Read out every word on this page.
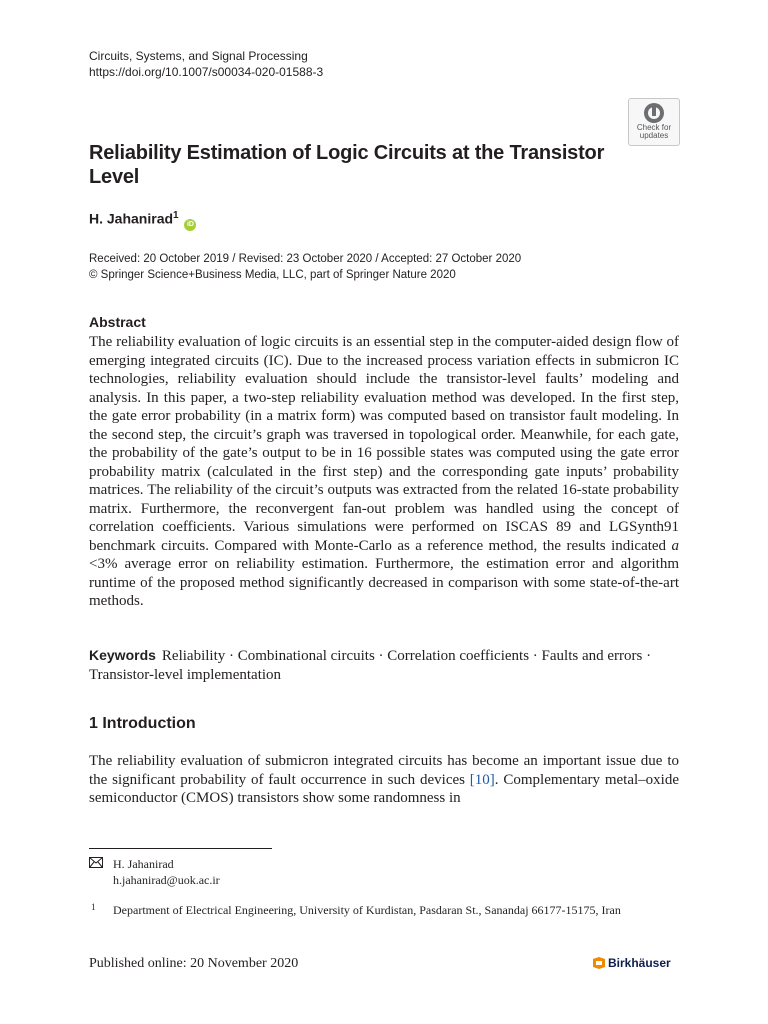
Circuits, Systems, and Signal Processing
https://doi.org/10.1007/s00034-020-01588-3
Check for
updates
Reliability Estimation of Logic Circuits at the Transistor Level
H. Jahanirad$^1$ iD
Received: 20 October 2019 / Revised: 23 October 2020 / Accepted: 27 October 2020
© Springer Science+Business Media, LLC, part of Springer Nature 2020
Abstract
The reliability evaluation of logic circuits is an essential step in the computer-aided design flow of emerging integrated circuits (IC). Due to the increased process variation effects in submicron IC technologies, reliability evaluation should include the transistor-level faults’ modeling and analysis. In this paper, a two-step reliability evaluation method was developed. In the first step, the gate error probability (in a matrix form) was computed based on transistor fault modeling. In the second step, the circuit’s graph was traversed in topological order. Meanwhile, for each gate, the probability of the gate’s output to be in 16 possible states was computed using the gate error probability matrix (calculated in the first step) and the corresponding gate inputs’ probability matrices. The reliability of the circuit’s outputs was extracted from the related 16-state probability matrix. Furthermore, the reconvergent fan-out problem was handled using the concept of correlation coefficients. Various simulations were performed on ISCAS 89 and LGSynth91 benchmark circuits. Compared with Monte-Carlo as a reference method, the results indicated a <3% average error on reliability estimation. Furthermore, the estimation error and algorithm runtime of the proposed method significantly decreased in comparison with some state-of-the-art methods.
Keywords Reliability · Combinational circuits · Correlation coefficients · Faults and errors · Transistor-level implementation
1 Introduction
The reliability evaluation of submicron integrated circuits has become an important issue due to the significant probability of fault occurrence in such devices [10]. Complementary metal–oxide semiconductor (CMOS) transistors show some randomness in
H. Jahanirad
h.jahanirad@uok.ac.ir
1 Department of Electrical Engineering, University of Kurdistan, Pasdaran St., Sanandaj 66177-15175, Iran
Published online: 20 November 2020	Birkhäuser
